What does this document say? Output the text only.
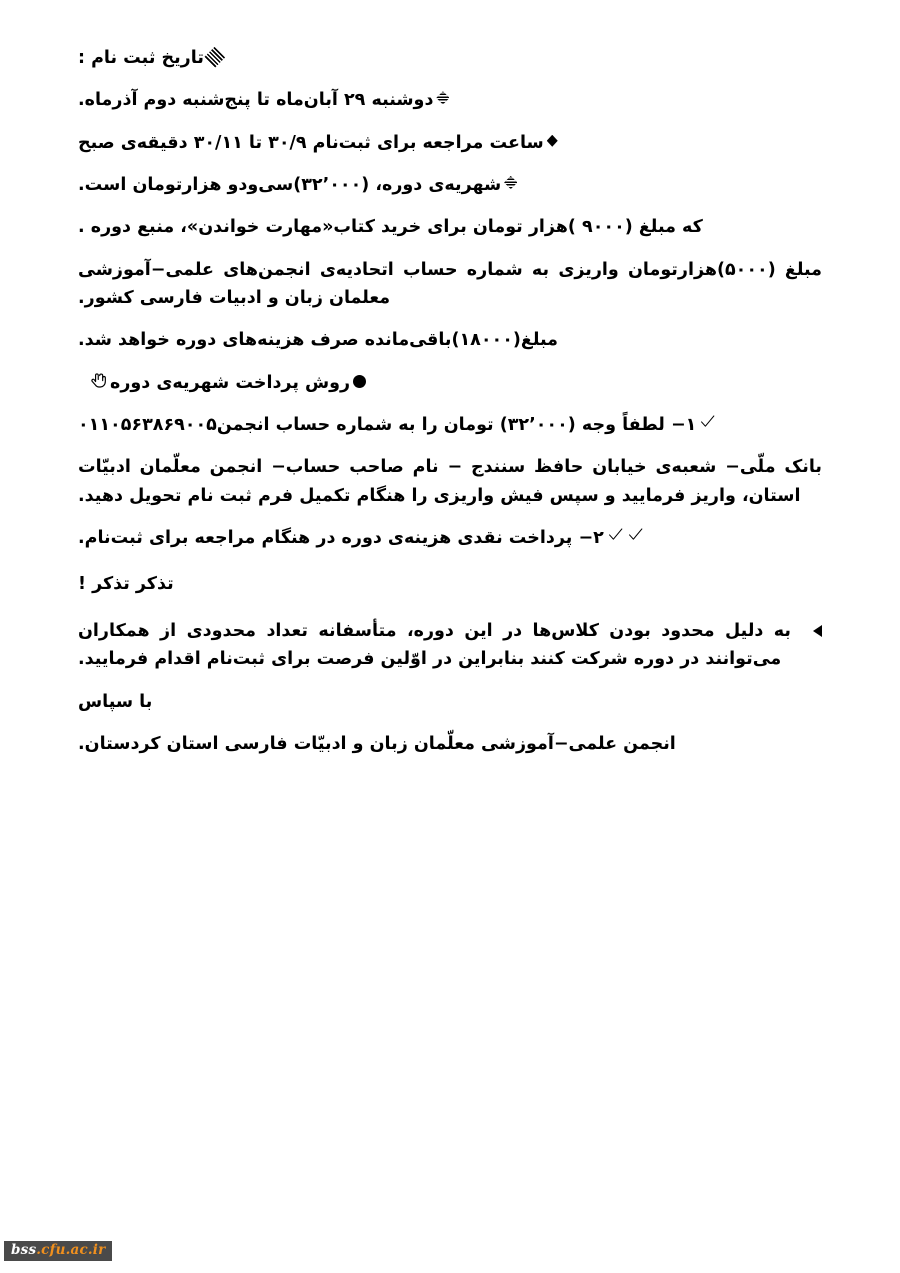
تاریخ ثبت نام :
دوشنبه ۲۹ آبان‌ماه تا پنج‌شنبه دوم آذرماه.
ساعت مراجعه برای ثبت‌نام ۳۰/۹ تا ۳۰/۱۱ دقیقه‌ی صبح
شهریه‌ی دوره، (۳۲٬۰۰۰)سی‌ودو هزارتومان است.
که مبلغ (۹۰۰۰ )هزار تومان برای خرید کتاب«مهارت خواندن»، منبع دوره .
مبلغ (۵۰۰۰)هزارتومان واریزی به شماره حساب اتحادیه‌ی انجمن‌های علمی−آموزشی معلمان زبان و ادبیات فارسی کشور.
مبلغ(۱۸۰۰۰)باقی‌مانده صرف هزینه‌های دوره خواهد شد.
روش پرداخت شهریه‌ی دوره
۱− لطفاً وجه (۳۲٬۰۰۰) تومان را به شماره حساب انجمن۰۱۱۰۵۶۳۸۶۹۰۰۵
بانک ملّی− شعبه‌ی خیابان حافظ سنندج − نام صاحب حساب− انجمن معلّمان ادبیّات استان، واریز فرمایید و سپس فیش واریزی را هنگام تکمیل فرم ثبت نام تحویل دهید.
۲− پرداخت نقدی هزینه‌ی دوره در هنگام مراجعه برای ثبت‌نام.
تذکر تذکر !
به دلیل محدود بودن کلاس‌ها در این دوره، متأسفانه تعداد محدودی از همکاران می‌توانند در دوره شرکت کنند بنابراین در اوّلین فرصت برای ثبت‌نام اقدام فرمایید.
با سپاس
انجمن علمی−آموزشی معلّمان زبان و ادبیّات فارسی استان کردستان.
bss.cfu.ac.ir
